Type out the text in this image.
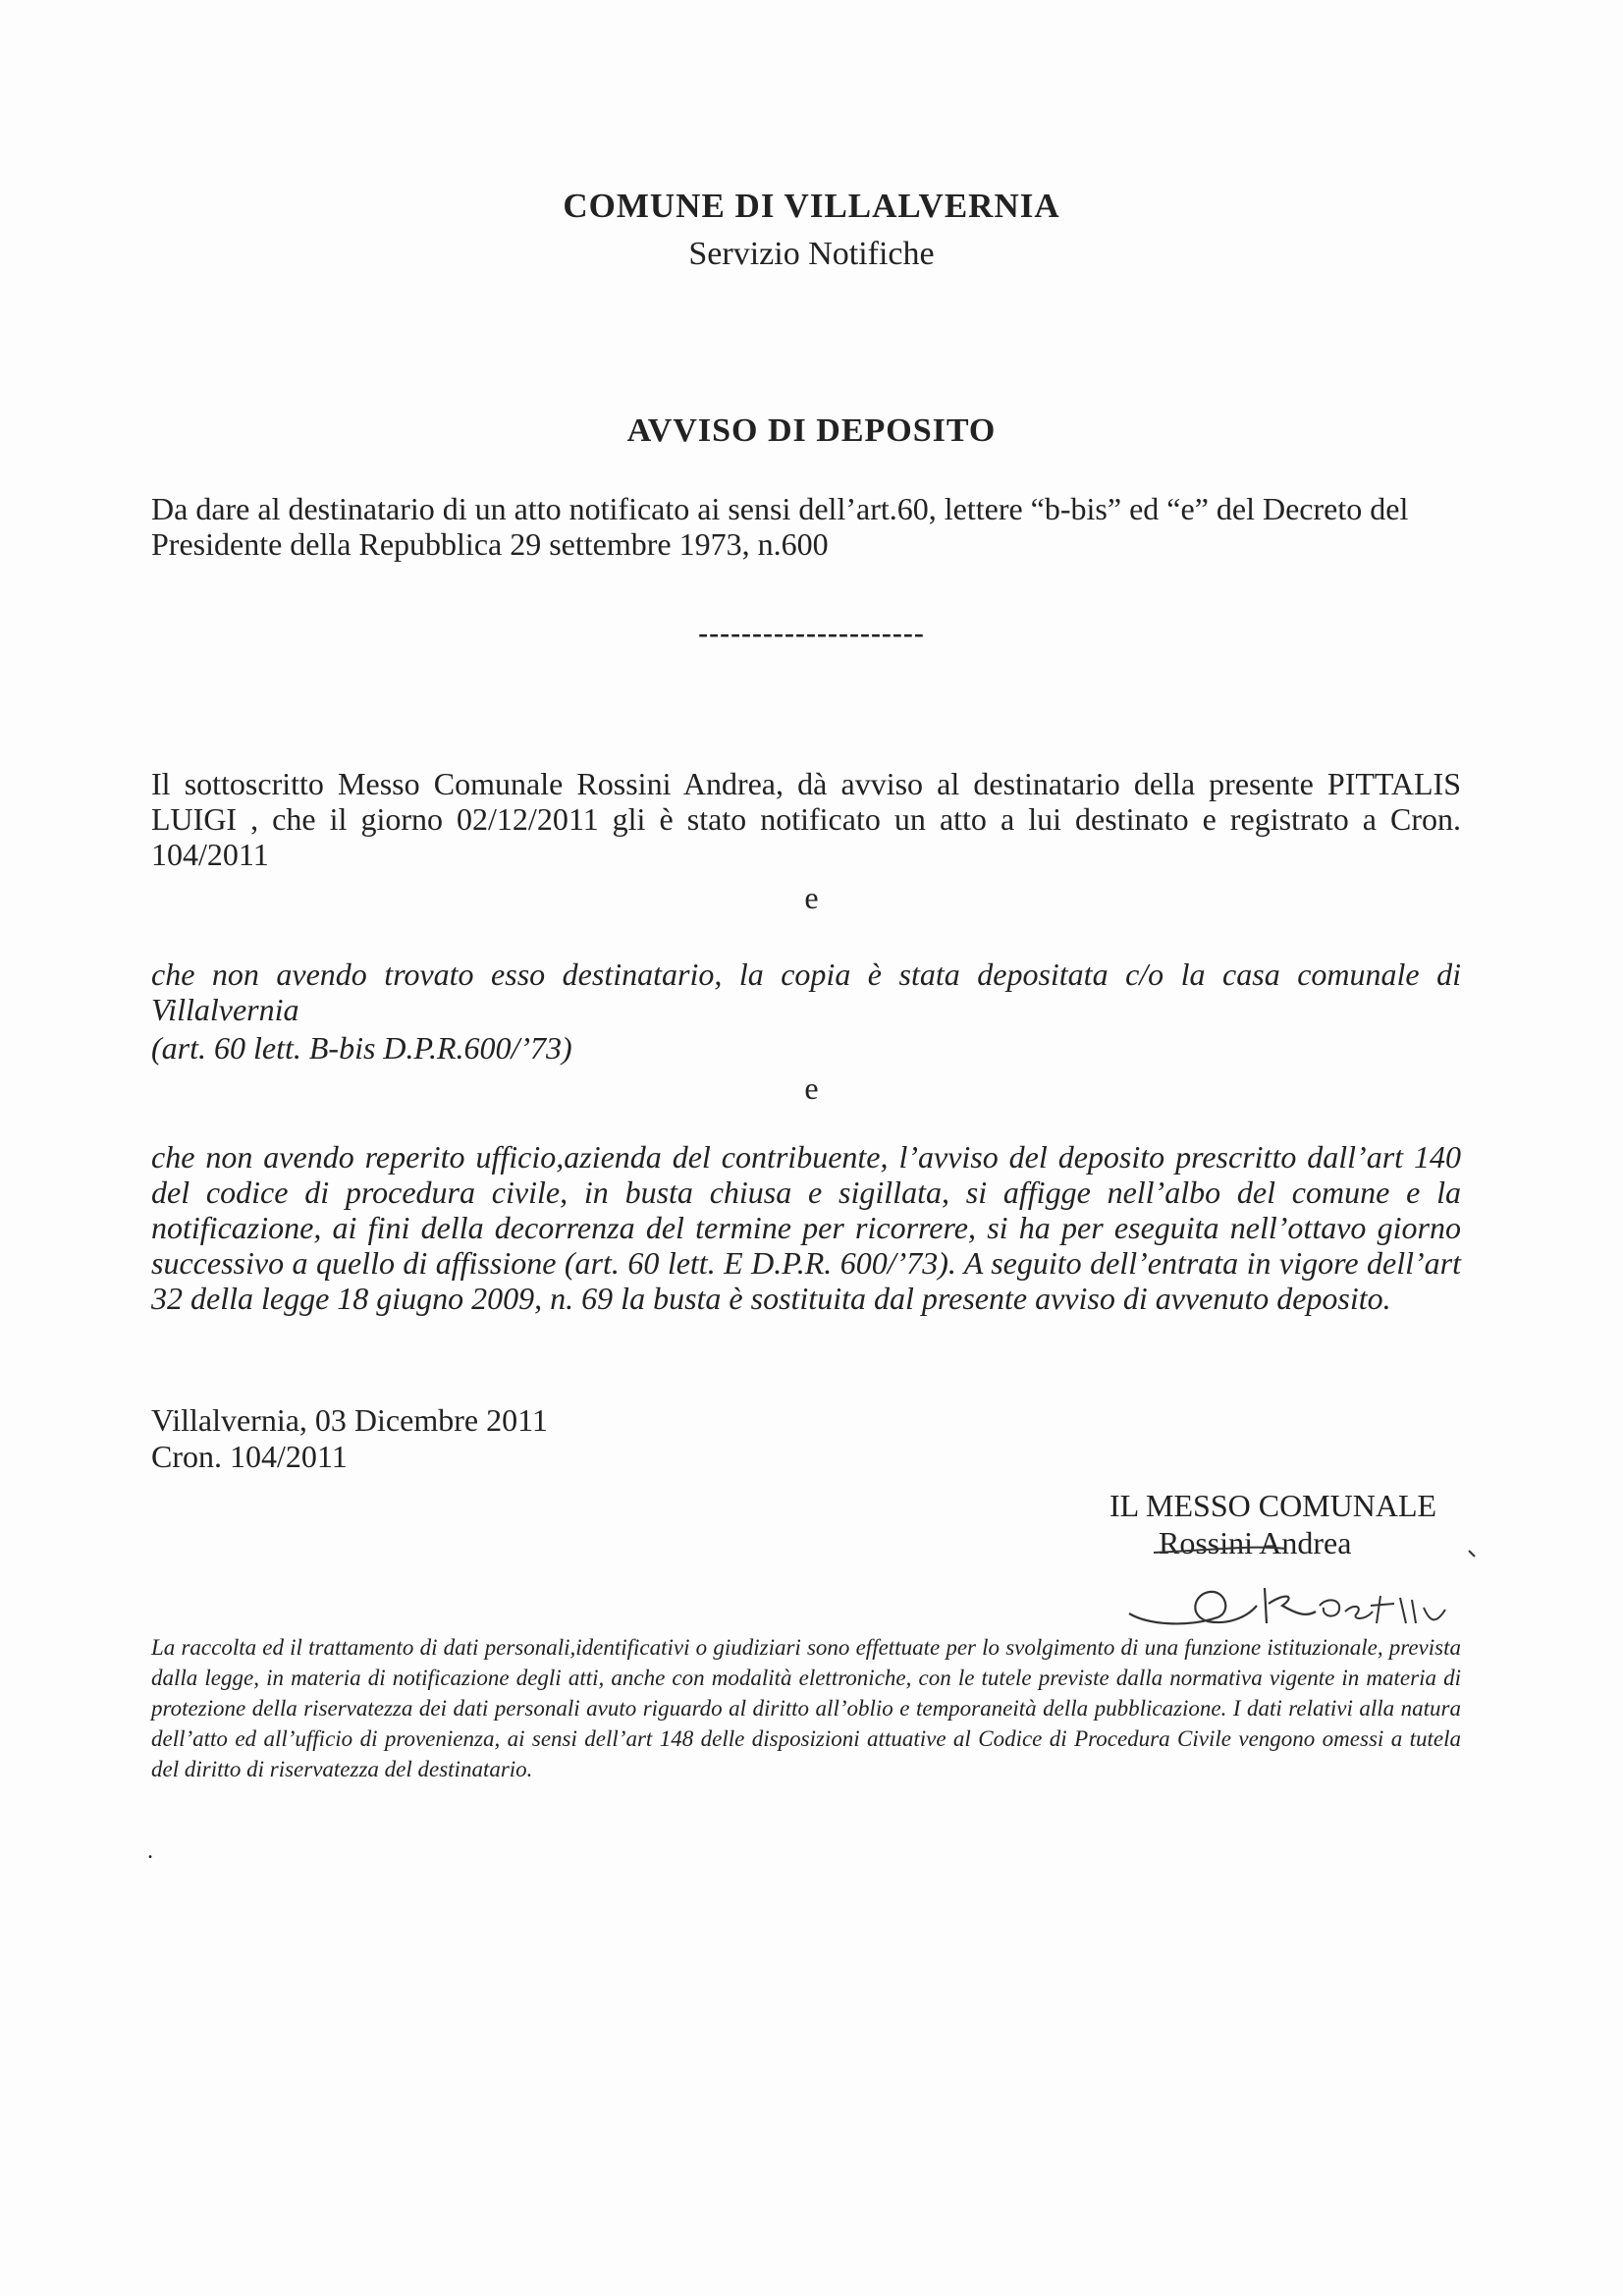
COMUNE DI VILLALVERNIA
Servizio Notifiche
AVVISO DI DEPOSITO
Da dare al destinatario di un atto notificato ai sensi dell’art.60, lettere “b-bis” ed “e” del Decreto del Presidente della Repubblica 29 settembre 1973, n.600
---------------------
Il sottoscritto Messo Comunale Rossini Andrea, dà avviso al destinatario della presente PITTALIS LUIGI , che il giorno 02/12/2011 gli è stato notificato un atto a lui destinato e registrato a Cron. 104/2011
e
che non avendo trovato esso destinatario, la copia è stata depositata c/o la casa comunale di Villalvernia
(art. 60 lett. B-bis D.P.R.600/’73)
e
che non avendo reperito ufficio,azienda del contribuente, l’avviso del deposito prescritto dall’art 140 del codice di procedura civile, in busta chiusa e sigillata, si affigge nell’albo del comune e la notificazione, ai fini della decorrenza del termine per ricorrere, si ha per eseguita nell’ottavo giorno successivo a quello di affissione (art. 60 lett. E D.P.R. 600/’73). A seguito dell’entrata in vigore dell’art 32 della legge 18 giugno 2009, n. 69 la busta è sostituita dal presente avviso di avvenuto deposito.
Villalvernia, 03 Dicembre 2011
Cron. 104/2011
IL MESSO COMUNALE
Rossini Andrea
La raccolta ed il trattamento di dati personali,identificativi o giudiziari sono effettuate per lo svolgimento di una funzione istituzionale, prevista dalla legge, in materia di notificazione degli atti, anche con modalità elettroniche, con le tutele previste dalla normativa vigente in materia di protezione della riservatezza dei dati personali avuto riguardo al diritto all’oblio e temporaneità della pubblicazione. I dati relativi alla natura dell’atto ed all’ufficio di provenienza, ai sensi dell’art 148 delle disposizioni attuative al Codice di Procedura Civile vengono omessi a tutela del diritto di riservatezza del destinatario.
.
